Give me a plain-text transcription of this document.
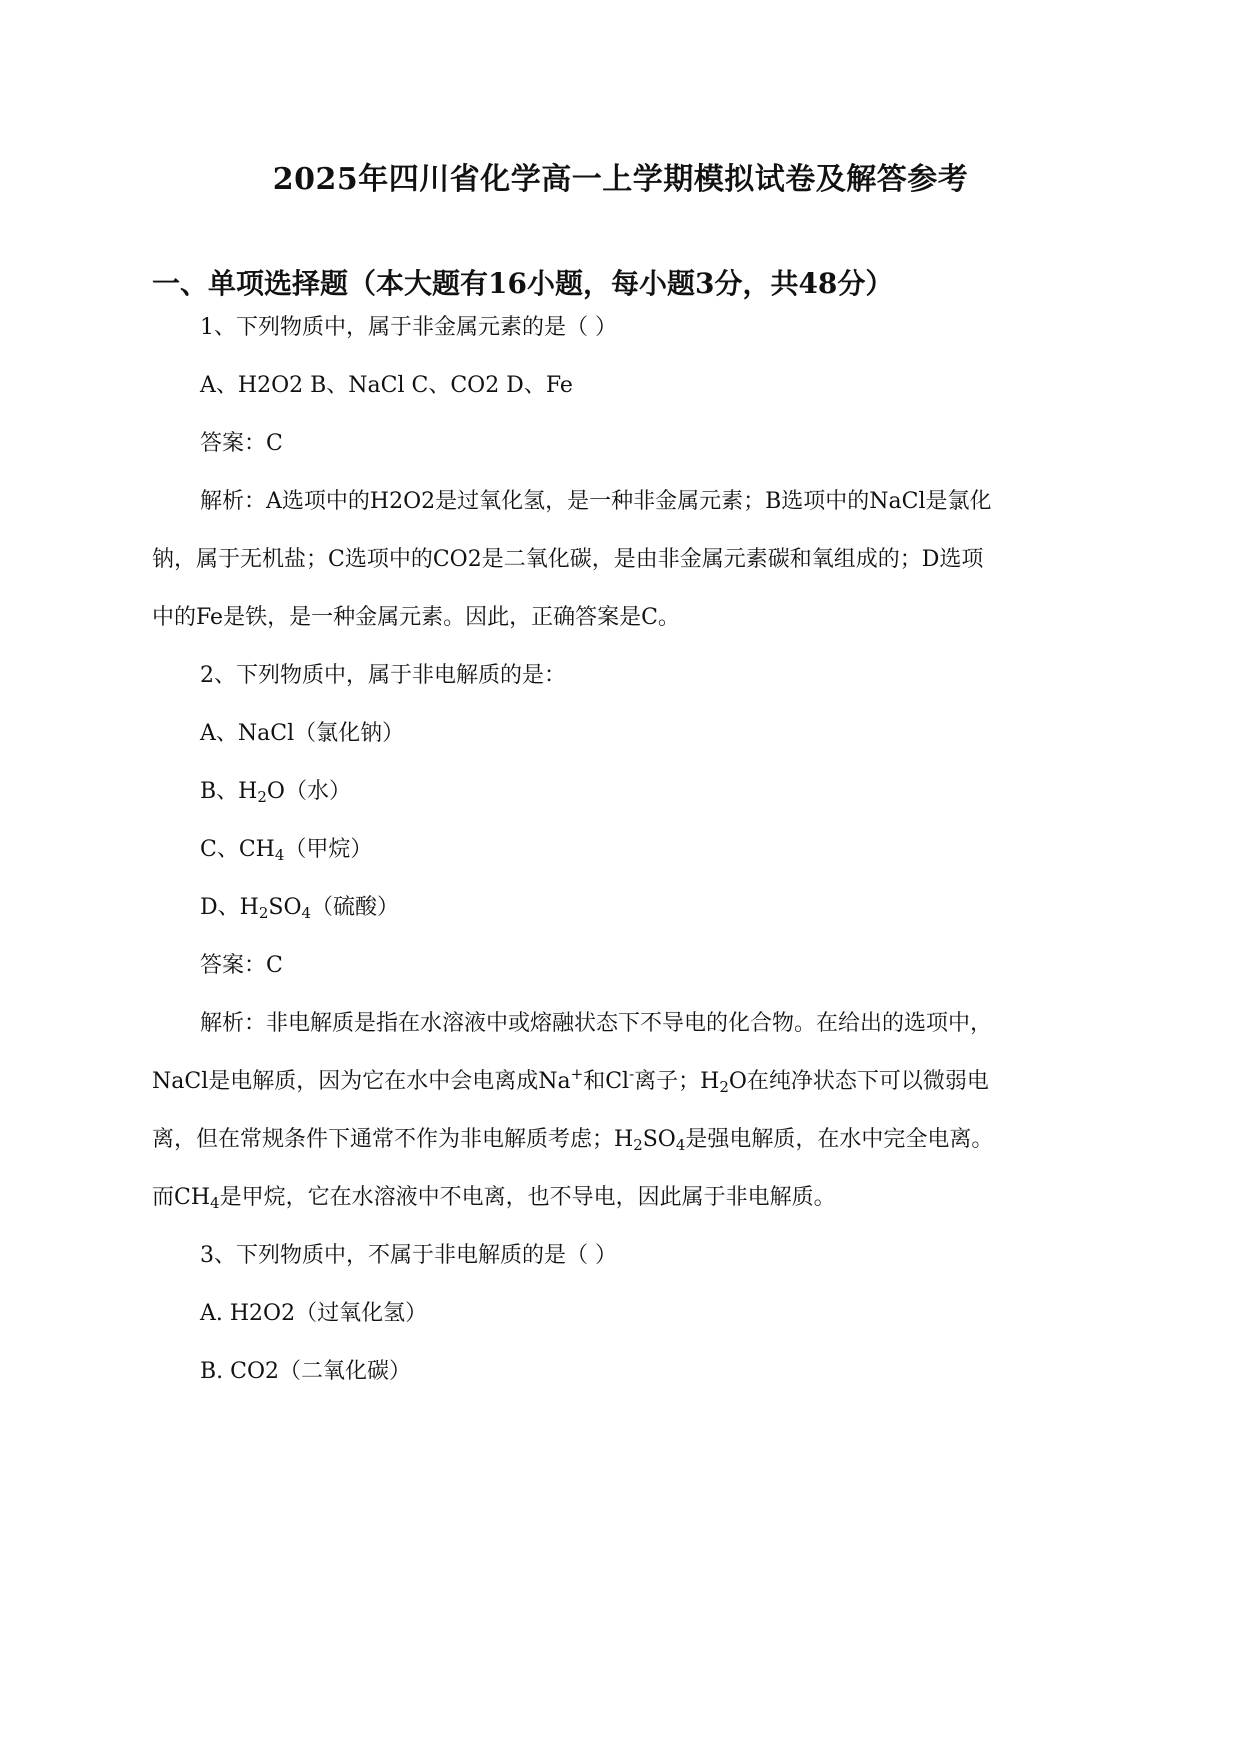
2025年四川省化学高一上学期模拟试卷及解答参考
一、单项选择题（本大题有16小题，每小题3分，共48分）
1、下列物质中，属于非金属元素的是（ ）
A、H2O2 B、NaCl C、CO2 D、Fe
答案：C
解析：A选项中的H2O2是过氧化氢，是一种非金属元素；B选项中的NaCl是氯化
钠，属于无机盐；C选项中的CO2是二氧化碳，是由非金属元素碳和氧组成的；D选项
中的Fe是铁，是一种金属元素。因此，正确答案是C。
2、下列物质中，属于非电解质的是：
A、NaCl（氯化钠）
B、$H_2O$（水）
C、$CH_4$（甲烷）
D、$H_2SO_4$（硫酸）
答案：C
解析：非电解质是指在水溶液中或熔融状态下不导电的化合物。在给出的选项中，
NaCl是电解质，因为它在水中会电离成Na+和Cl-离子；$H_2O$在纯净状态下可以微弱电
离，但在常规条件下通常不作为非电解质考虑；$H_2SO_4$是强电解质，在水中完全电离。
而$CH_4$是甲烷，它在水溶液中不电离，也不导电，因此属于非电解质。
3、下列物质中，不属于非电解质的是（ ）
A. H2O2（过氧化氢）
B. CO2（二氧化碳）
